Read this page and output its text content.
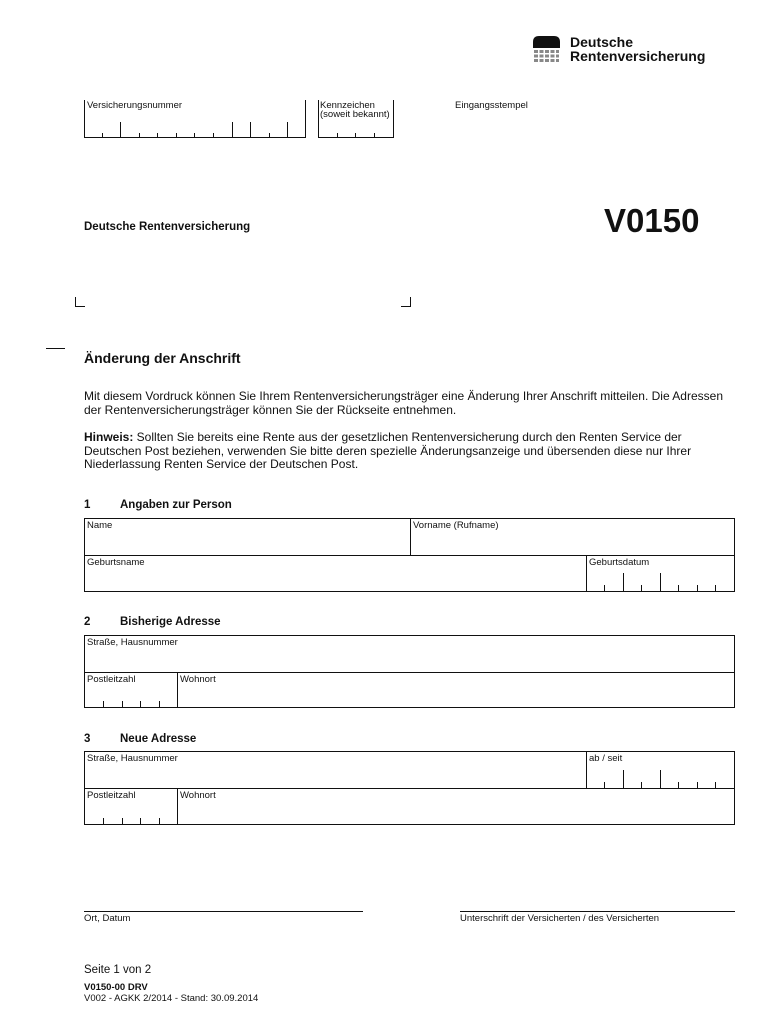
Deutsche
Rentenversicherung
Versicherungsnummer	Kennzeichen
(soweit bekannt)
Eingangsstempel
Deutsche Rentenversicherung	V0150
Änderung der Anschrift
Mit diesem Vordruck können Sie Ihrem Rentenversicherungsträger eine Änderung Ihrer Anschrift mitteilen. Die Adressen der Rentenversicherungsträger können Sie der Rückseite entnehmen.
Hinweis: Sollten Sie bereits eine Rente aus der gesetzlichen Rentenversicherung durch den Renten Service der Deutschen Post beziehen, verwenden Sie bitte deren spezielle Änderungsanzeige und übersenden diese nur Ihrer Niederlassung Renten Service der Deutschen Post.
1	Angaben zur Person
Name	Vorname (Rufname)
Geburtsname	Geburtsdatum
2	Bisherige Adresse
Straße, Hausnummer
Postleitzahl	Wohnort
3	Neue Adresse
Straße, Hausnummer	ab / seit
Postleitzahl	Wohnort
Ort, Datum	Unterschrift der Versicherten / des Versicherten
Seite 1 von 2
V0150-00 DRV
V002 - AGKK 2/2014 - Stand: 30.09.2014
